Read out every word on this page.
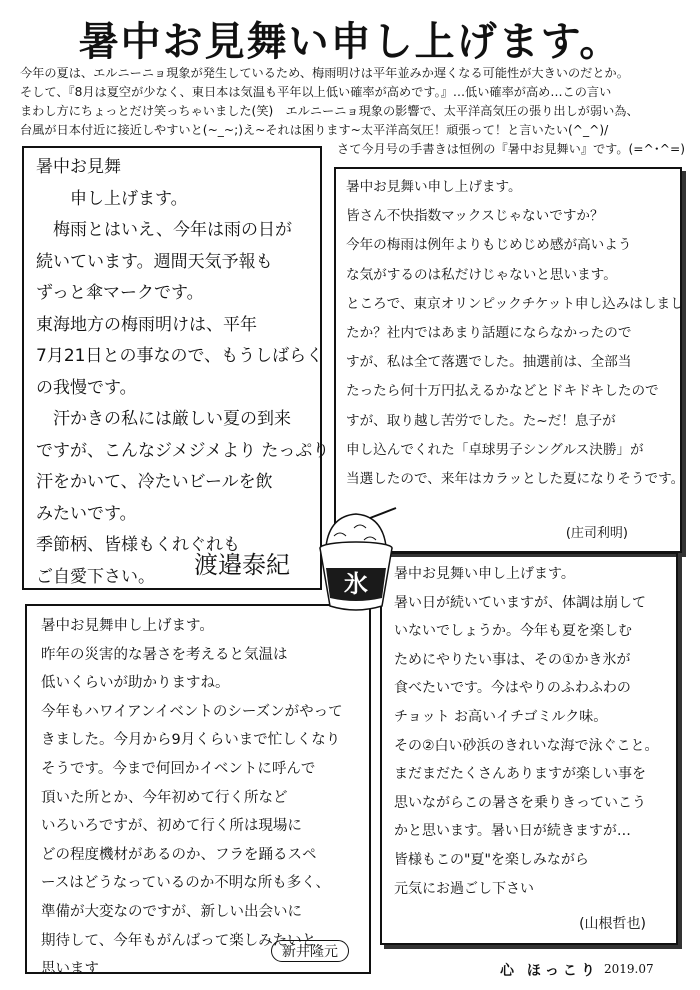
暑中お見舞い申し上げます。

今年の夏は、エルニーニョ現象が発生しているため、梅雨明けは平年並みか遅くなる可能性が大きいのだとか。

そして、『8月は夏空が少なく、東日本は気温も平年以上低い確率が高めです。』…低い確率が高め…この言い

まわし方にちょっとだけ笑っちゃいました(笑)　エルニーニョ現象の影響で、太平洋高気圧の張り出しが弱い為、

台風が日本付近に接近しやすいと(~_~;)え~それは困ります~太平洋高気圧！頑張って！と言いたい(^_^)/

さて今月号の手書きは恒例の『暑中お見舞い』です。(=^･^=)

暑中お見舞

　　申し上げます。

　梅雨とはいえ、今年は雨の日が

続いています。週間天気予報も

ずっと傘マークです。

東海地方の梅雨明けは、平年

7月21日との事なので、もうしばらく

の我慢です。

　汗かきの私には厳しい夏の到来

ですが、こんなジメジメより たっぷり

汗をかいて、冷たいビールを飲

みたいです。

季節柄、皆様もくれぐれも

ご自愛下さい。	渡邉泰紀

暑中お見舞い申し上げます。

皆さん不快指数マックスじゃないですか？

今年の梅雨は例年よりもじめじめ感が高いよう

な気がするのは私だけじゃないと思います。

ところで、東京オリンピックチケット申し込みはしまし

たか？社内ではあまり話題にならなかったので

すが、私は全て落選でした。抽選前は、全部当

たったら何十万円払えるかなどとドキドキしたので

すが、取り越し苦労でした。た~だ！息子が

申し込んでくれた「卓球男子シングルス決勝」が

当選したので、来年はカラッとした夏になりそうです。

(庄司利明)

暑中お見舞申し上げます。

昨年の災害的な暑さを考えると気温は

低いくらいが助かりますね。

今年もハワイアンイベントのシーズンがやって

きました。今月から9月くらいまで忙しくなり

そうです。今まで何回かイベントに呼んで

頂いた所とか、今年初めて行く所など

いろいろですが、初めて行く所は現場に

どの程度機材があるのか、フラを踊るスペ

ースはどうなっているのか不明な所も多く、

準備が大変なのですが、新しい出会いに

期待して、今年もがんばって楽しみたいと

思います

新井隆元

暑中お見舞い申し上げます。

暑い日が続いていますが、体調は崩して

いないでしょうか。今年も夏を楽しむ

ためにやりたい事は、その①かき氷が

食べたいです。今はやりのふわふわの

チョット お高いイチゴミルク味。

その②白い砂浜のきれいな海で泳ぐこと。

まだまだたくさんありますが楽しい事を

思いながらこの暑さを乗りきっていこう

かと思います。暑い日が続きますが…

皆様もこの"夏"を楽しみながら

元気にお過ごし下さい

(山根哲也)
氷
心 ほっこり 2019.07
